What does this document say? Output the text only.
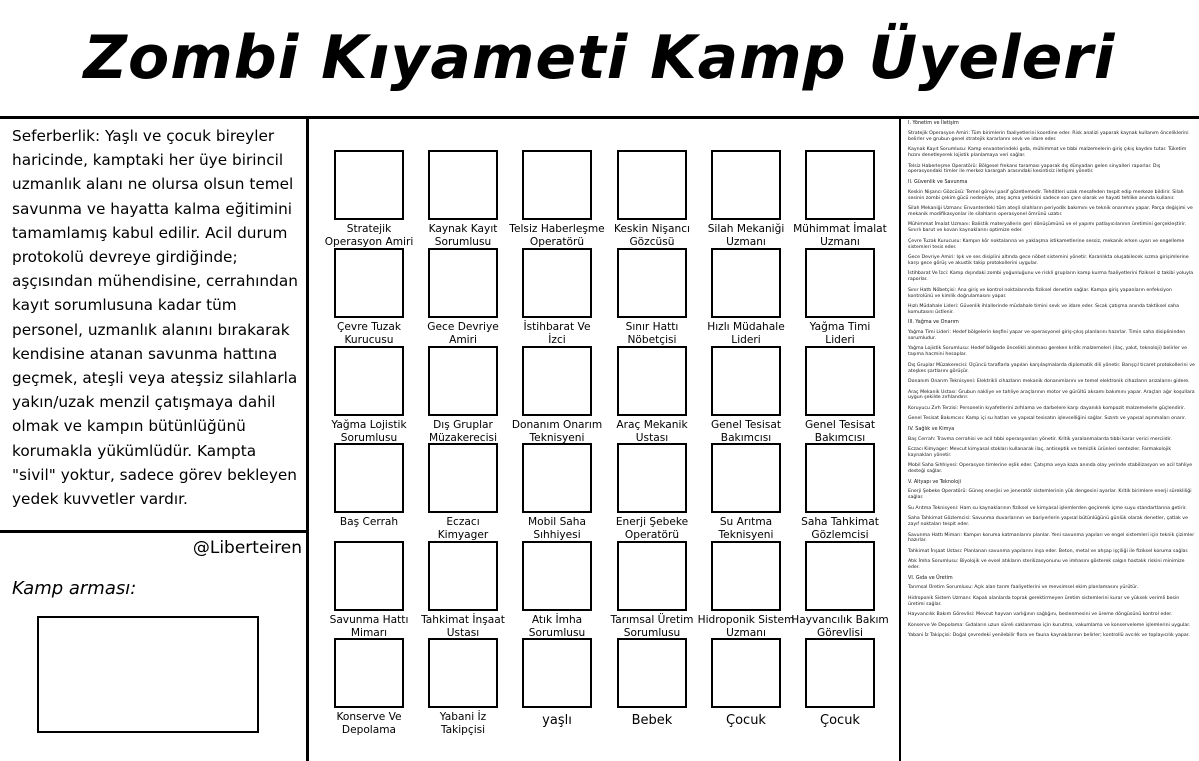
Zombi Kıyameti Kamp Üyeleri
Seferberlik: Yaşlı ve çocuk bireyler haricinde, kamptaki her üye birincil uzmanlık alanı ne olursa olsun temel savunma ve hayatta kalma eğitimini tamamlamış kabul edilir. Acil durum protokolü devreye girdiğinde; aşçısından mühendisine, cerrahından kayıt sorumlusuna kadar tüm personel, uzmanlık alanını bırakarak kendisine atanan savunma hattına geçmek, ateşli veya ateşsiz silahlarla yakın/uzak menzil çatışmaya dahil olmak ve kampın bütünlüğünü korumakla yükümlüdür. Kampta "sivil" yoktur, sadece görev bekleyen yedek kuvvetler vardır.
@Liberteiren
Kamp arması:
Stratejik
Operasyon Amiri
Kaynak Kayıt
Sorumlusu
Telsiz Haberleşme
Operatörü
Keskin Nişancı
Gözcüsü
Silah Mekaniği
Uzmanı
Mühimmat İmalat
Uzmanı
Çevre Tuzak
Kurucusu
Gece Devriye
Amiri
İstihbarat Ve
İzci
Sınır Hattı
Nöbetçisi
Hızlı Müdahale
Lideri
Yağma Timi
Lideri
Yağma Lojistik
Sorumlusu
Dış Gruplar
Müzakerecisi
Donanım Onarım
Teknisyeni
Araç Mekanik
Ustası
Genel Tesisat
Bakımcısı
Genel Tesisat
Bakımcısı
Baş Cerrah	Eczacı
Kimyager
Mobil Saha
Sıhhiyesi
Enerji Şebeke
Operatörü
Su Arıtma
Teknisyeni
Saha Tahkimat
Gözlemcisi
Savunma Hattı
Mimarı
Tahkimat İnşaat
Ustası
Atık İmha
Sorumlusu
Tarımsal Üretim
Sorumlusu
Hidroponik Sistem
Uzmanı
Hayvancılık Bakım
Görevlisi
Konserve Ve
Depolama
Yabani İz
Takipçisi
yaşlı	Bebek	Çocuk	Çocuk
I. Yönetim ve İletişim
Stratejik Operasyon Amiri: Tüm birimlerin faaliyetlerini koordine eder. Risk analizi yaparak kaynak kullanım önceliklerini belirler ve grubun genel stratejik kararlarını sevk ve idare eder.
Kaynak Kayıt Sorumlusu: Kamp envanterindeki gıda, mühimmat ve tıbbi malzemelerin giriş çıkış kaydını tutar. Tüketim hızını denetleyerek lojistik planlamaya veri sağlar.
Telsiz Haberleşme Operatörü: Bölgesel frekans taraması yaparak dış dünyadan gelen sinyalleri raporlar. Dış operasyondaki timler ile merkez karargah arasındaki kesintisiz iletişimi yönetir.
II. Güvenlik ve Savunma
Keskin Nişancı Gözcüsü: Temel görevi pasif gözetlemedir. Tehditleri uzak mesafeden tespit edip merkeze bildirir. Silah sesinin zombi çekim gücü nedeniyle, ateş açma yetkisini sadece son çare olarak ve hayati tehlike anında kullanır.
Silah Mekaniği Uzmanı: Envanterdeki tüm ateşli silahların periyodik bakımını ve teknik onarımını yapar. Parça değişimi ve mekanik modifikasyonlar ile silahların operasyonel ömrünü uzatır.
Mühimmat İmalat Uzmanı: Balistik materyallerin geri dönüşümünü ve el yapımı patlayıcılarının üretimini gerçekleştirir. Sınırlı barut ve kovan kaynaklarını optimize eder.
Çevre Tuzak Kurucusu: Kampın kör noktalarına ve yaklaşma istikametlerine sessiz, mekanik erken uyarı ve engelleme sistemleri tesis eder.
Gece Devriye Amiri: Işık ve ses disiplini altında gece nöbet sistemini yönetir. Karanlıkta oluşabilecek sızma girişimlerine karşı gece görüş ve akustik takip protokollerini uygular.
İstihbarat Ve İzci: Kamp dışındaki zombi yoğunluğunu ve riskli grupların kamp kurma faaliyetlerini fiziksel iz takibi yoluyla raporlar.
Sınır Hattı Nöbetçisi: Ana giriş ve kontrol noktalarında fiziksel denetim sağlar. Kampa giriş yapanların enfeksiyon kontrolünü ve kimlik doğrulamasını yapar.
Hızlı Müdahale Lideri: Güvenlik ihlallerinde müdahale timini sevk ve idare eder. Sıcak çatışma anında taktiksel saha komutasını üstlenir.
III. Yağma ve Onarım
Yağma Timi Lideri: Hedef bölgelerin keşfini yapar ve operasyonel giriş-çıkış planlarını hazırlar. Timin saha disiplininden sorumludur.
Yağma Lojistik Sorumlusu: Hedef bölgede öncelikli alınması gereken kritik malzemeleri (ilaç, yakıt, teknoloji) belirler ve taşıma hacmini hesaplar.
Dış Gruplar Müzakerecisi: Üçüncü taraflarla yapılan karşılaşmalarda diplomatik dili yönetir. Barışçıl ticaret protokollerini ve ateşkes şartlarını görüşür.
Donanım Onarım Teknisyeni: Elektrikli cihazların mekanik donanımlarını ve temel elektronik cihazların arızalarını gidere.
Araç Mekanik Ustası: Grubun nakliye ve tahliye araçlarının motor ve gürültü aksamı bakımını yapar. Araçları ağır koşullara uygun şekilde zırhlandırır.
Koruyucu Zırh Terzisi: Personelin kıyafetlerini zırhlama ve darbelere karşı dayanıklı kompozit malzemelerle güçlendirir.
Genel Tesisat Bakımcısı: Kamp içi su hatları ve yapısal tesisatın işlevselliğini sağlar. Sızıntı ve yapısal aşınmaları onarır.
IV. Sağlık ve Kimya
Baş Cerrah: Travma cerrahisi ve acil tıbbi operasyonları yönetir. Kritik yaralanmalarda tıbbi karar verici merciidir.
Eczacı Kimyager: Mevcut kimyasal stokları kullanarak ilaç, antiseptik ve temizlik ürünleri sentezler. Farmakolojik kaynakları yönetir.
Mobil Saha Sıhhiyesi: Operasyon timlerine eşlik eder. Çatışma veya kaza anında olay yerinde stabilizasyon ve acil tahliye desteği sağlar.
V. Altyapı ve Teknoloji
Enerji Şebeke Operatörü: Güneş enerjisi ve jeneratör sistemlerinin yük dengesini ayarlar. Kritik birimlere enerji sürekliliği sağlar.
Su Arıtma Teknisyeni: Ham su kaynaklarının fiziksel ve kimyasal işlemlerden geçirerek içme suyu standartlarına getirir.
Saha Tahkimat Gözlemcisi: Savunma duvarlarının ve bariyerlerin yapısal bütünlüğünü günlük olarak denetler, çatlak ve zayıf noktaları tespit eder.
Savunma Hattı Mimarı: Kampın koruma katmanlarını planlar. Yeni savunma yapıları ve engel sistemleri için teknik çizimler hazırlar.
Tahkimat İnşaat Ustası: Planlanan savunma yapılarını inşa eder. Beton, metal ve ahşap işçiliği ile fiziksel koruma sağlar.
Atık İmha Sorumlusu: Biyolojik ve evsel atıkların sterilizasyonunu ve imhasını gösterek salgın hastalık riskini minimize eder.
VI. Gıda ve Üretim
Tarımsal Üretim Sorumlusu: Açık alan tarım faaliyetlerini ve mevsimsel ekim planlamasını yürütür.
Hidroponik Sistem Uzmanı: Kapalı alanlarda toprak gerektirmeyen üretim sistemlerini kurar ve yüksek verimli besin üretimi sağlar.
Hayvancılık Bakım Görevlisi: Mevcut hayvan varlığının sağlığını, beslenmesini ve üreme döngüsünü kontrol eder.
Konserve Ve Depolama: Gıdaların uzun süreli saklanması için kurutma, vakumlama ve konserveleme işlemlerini uygular.
Yabani İz Takipçisi: Doğal çevredeki yenilebilir flora ve fauna kaynaklarının belirler; kontrollü avcılık ve toplayıcılık yapar.
